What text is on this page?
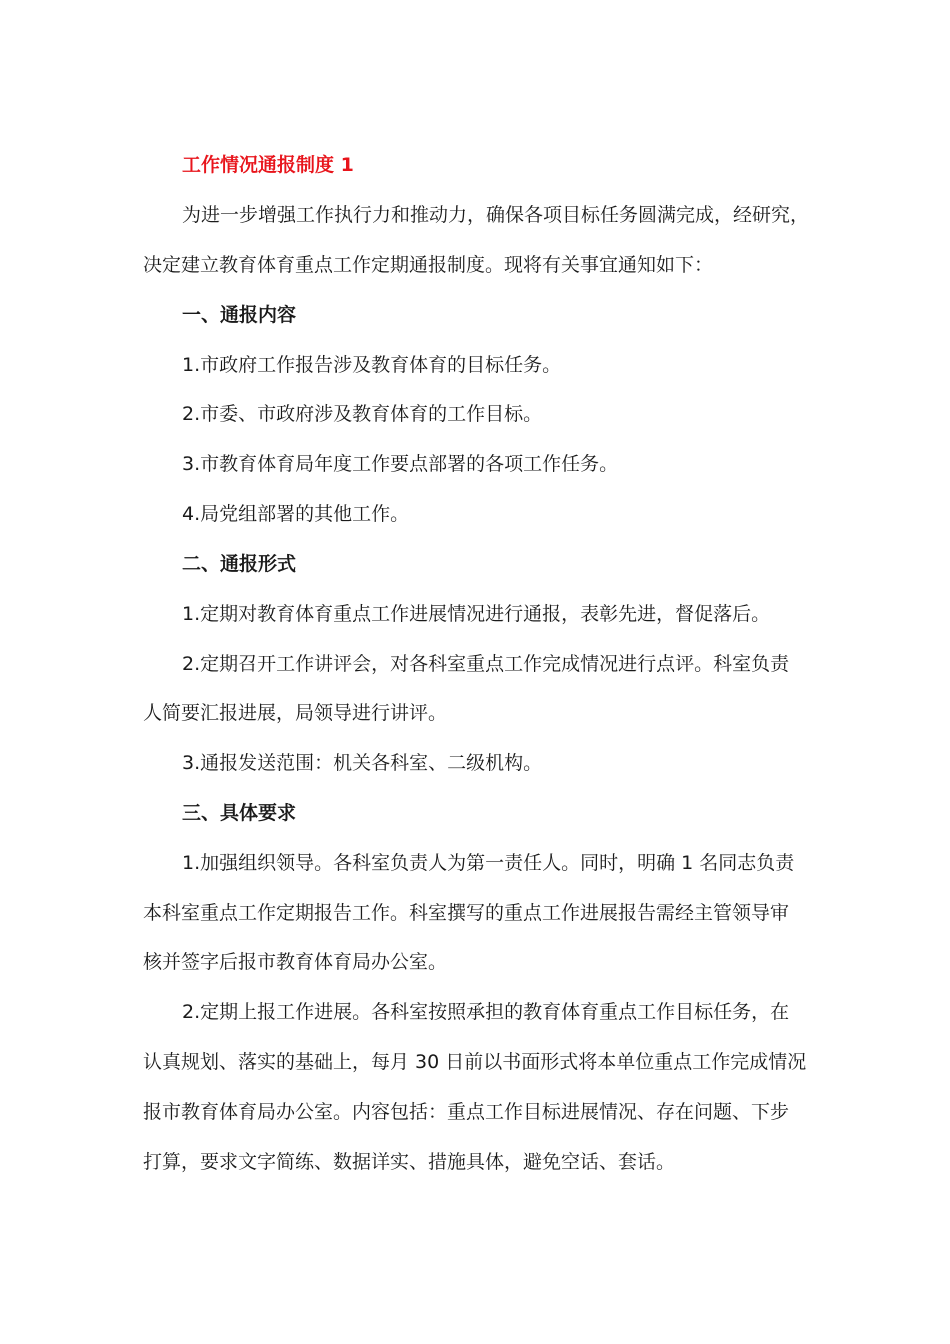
工作情况通报制度 1

为进一步增强工作执行力和推动力，确保各项目标任务圆满完成，经研究，

决定建立教育体育重点工作定期通报制度。现将有关事宜通知如下：

一、通报内容

1.市政府工作报告涉及教育体育的目标任务。

2.市委、市政府涉及教育体育的工作目标。

3.市教育体育局年度工作要点部署的各项工作任务。

4.局党组部署的其他工作。

二、通报形式

1.定期对教育体育重点工作进展情况进行通报，表彰先进，督促落后。

2.定期召开工作讲评会，对各科室重点工作完成情况进行点评。科室负责

人简要汇报进展，局领导进行讲评。

3.通报发送范围：机关各科室、二级机构。

三、具体要求

1.加强组织领导。各科室负责人为第一责任人。同时，明确 1 名同志负责

本科室重点工作定期报告工作。科室撰写的重点工作进展报告需经主管领导审

核并签字后报市教育体育局办公室。

2.定期上报工作进展。各科室按照承担的教育体育重点工作目标任务，在

认真规划、落实的基础上，每月 30 日前以书面形式将本单位重点工作完成情况

报市教育体育局办公室。内容包括：重点工作目标进展情况、存在问题、下步

打算，要求文字简练、数据详实、措施具体，避免空话、套话。
